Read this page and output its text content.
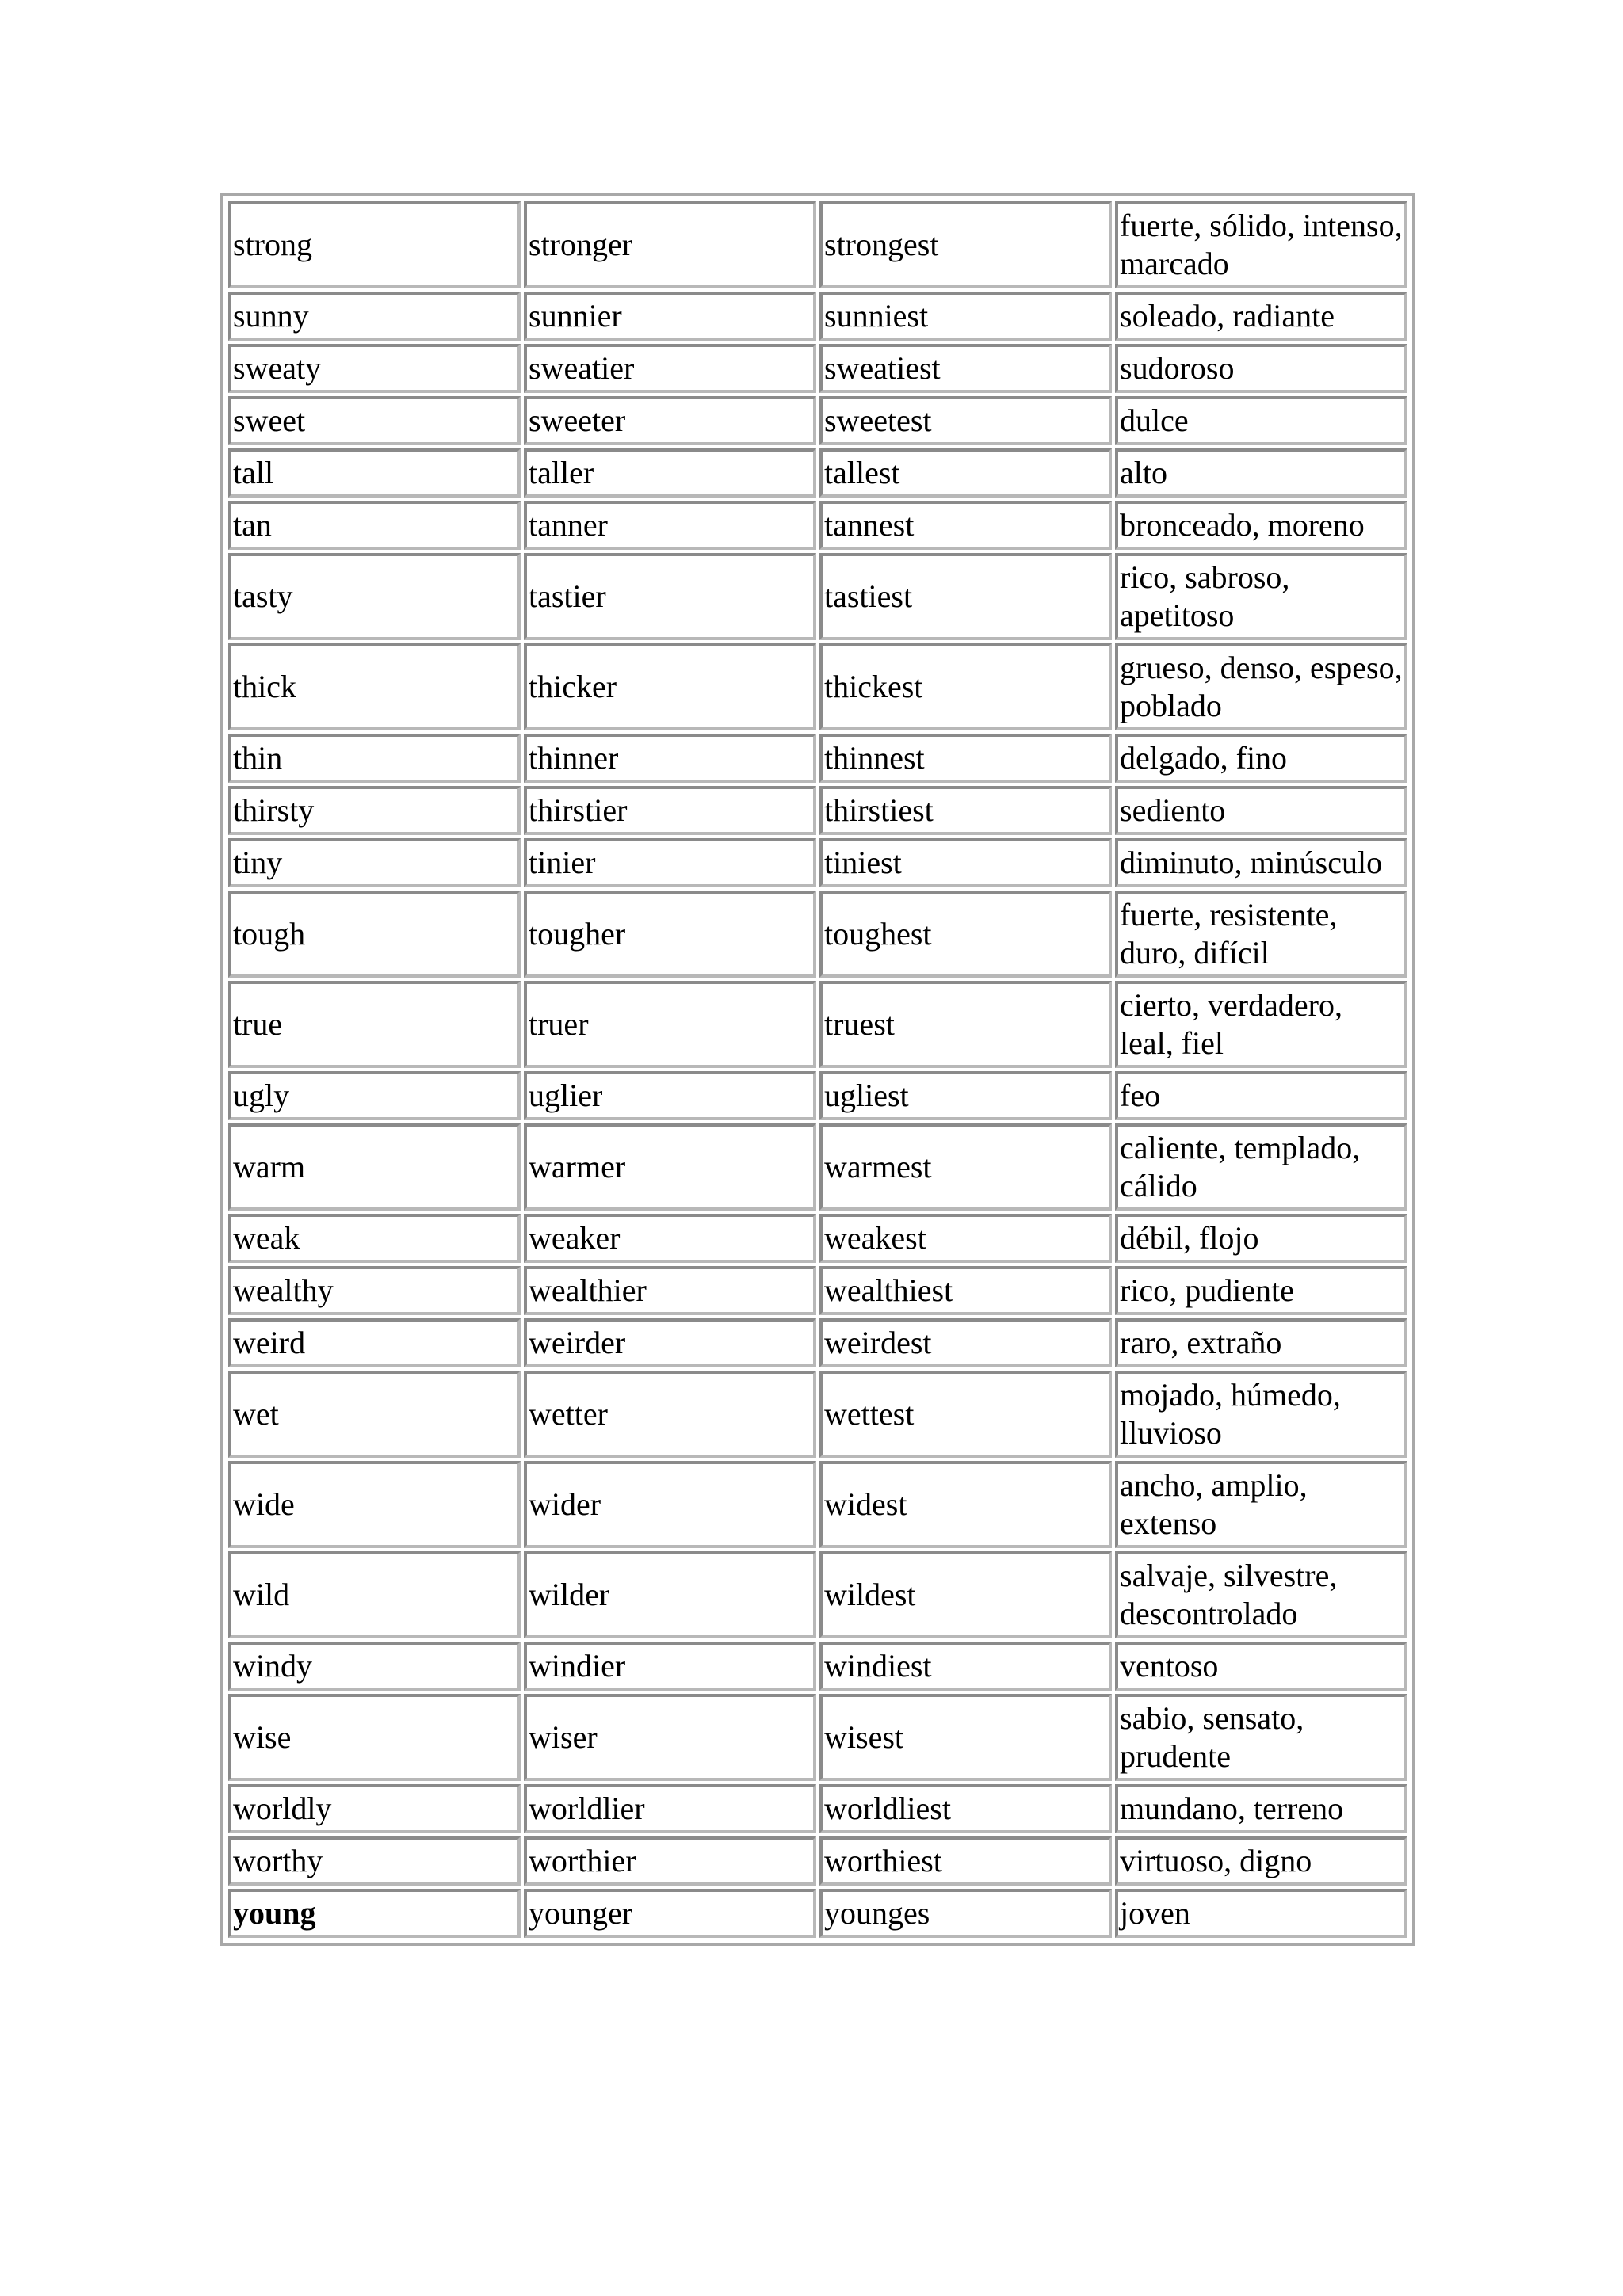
strong	stronger	strongest	fuerte, sólido, intenso, marcado
sunny	sunnier	sunniest	soleado, radiante
sweaty	sweatier	sweatiest	sudoroso
sweet	sweeter	sweetest	dulce
tall	taller	tallest	alto
tan	tanner	tannest	bronceado, moreno
tasty	tastier	tastiest	rico, sabroso, apetitoso
thick	thicker	thickest	grueso, denso, espeso, poblado
thin	thinner	thinnest	delgado, fino
thirsty	thirstier	thirstiest	sediento
tiny	tinier	tiniest	diminuto, minúsculo
tough	tougher	toughest	fuerte, resistente, duro, difícil
true	truer	truest	cierto, verdadero, leal, fiel
ugly	uglier	ugliest	feo
warm	warmer	warmest	caliente, templado, cálido
weak	weaker	weakest	débil, flojo
wealthy	wealthier	wealthiest	rico, pudiente
weird	weirder	weirdest	raro, extraño
wet	wetter	wettest	mojado, húmedo, lluvioso
wide	wider	widest	ancho, amplio, extenso
wild	wilder	wildest	salvaje, silvestre, descontrolado
windy	windier	windiest	ventoso
wise	wiser	wisest	sabio, sensato, prudente
worldly	worldlier	worldliest	mundano, terreno
worthy	worthier	worthiest	virtuoso, digno
young	younger	younges	joven
